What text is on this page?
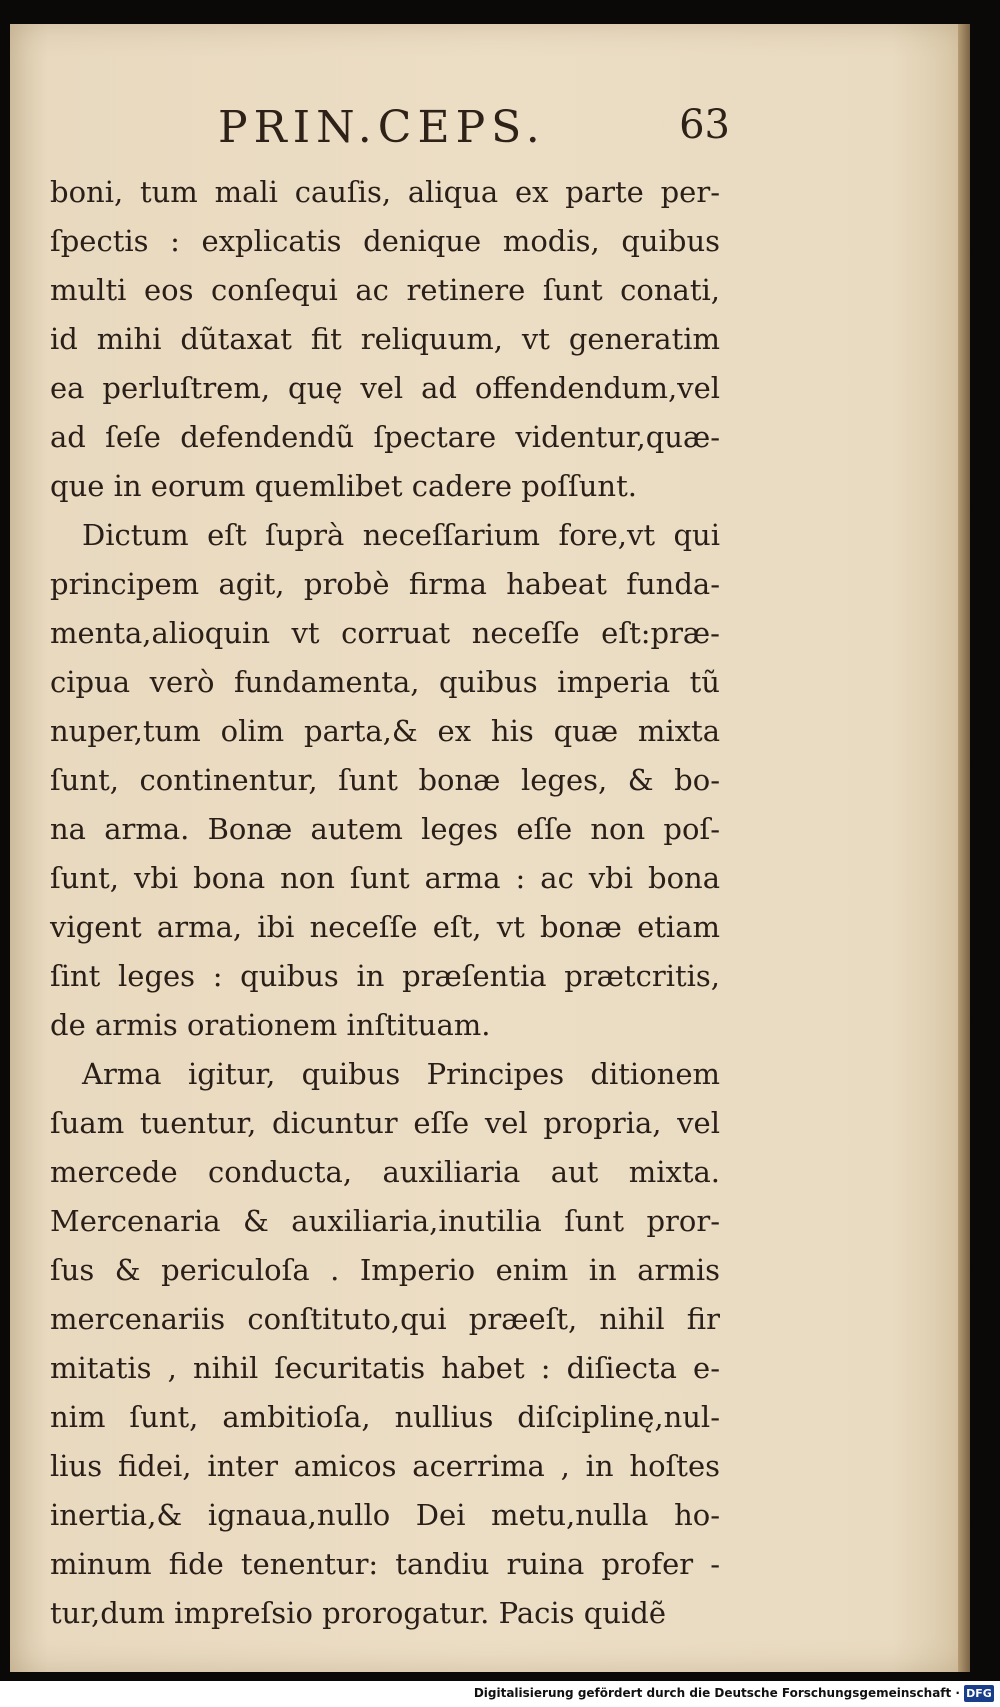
PRIN.CEPS.	63
boni, tum mali cauſis, aliqua ex parte per-
ſpectis : explicatis denique modis, quibus
multi eos conſequi ac retinere ſunt conati,
id mihi dũtaxat fit reliquum, vt generatim
ea perluſtrem, quę vel ad offendendum,vel
ad ſeſe defendendũ ſpectare videntur,quæ-
que in eorum quemlibet cadere poſſunt.
Dictum eſt ſuprà neceſſarium fore,vt qui
principem agit, probè firma habeat funda-
menta,alioquin vt corruat neceſſe eſt:præ-
cipua verò fundamenta, quibus imperia tũ
nuper,tum olim parta,& ex his quæ mixta
ſunt, continentur, ſunt bonæ leges, & bo-
na arma. Bonæ autem leges eſſe non poſ-
ſunt, vbi bona non ſunt arma : ac vbi bona
vigent arma, ibi neceſſe eſt, vt bonæ etiam
ſint leges : quibus in præſentia prætcritis,
de armis orationem inſtituam.
Arma igitur, quibus Principes ditionem
ſuam tuentur, dicuntur eſſe vel propria, vel
mercede conducta, auxiliaria aut mixta.
Mercenaria & auxiliaria,inutilia ſunt pror-
ſus & periculoſa . Imperio enim in armis
mercenariis conſtituto,qui præeſt, nihil fir
mitatis , nihil ſecuritatis habet : diſiecta e-
nim ſunt, ambitioſa, nullius diſciplinę,nul-
lius fidei, inter amicos acerrima , in hoſtes
inertia,& ignaua,nullo Dei metu,nulla ho-
minum fide tenentur: tandiu ruina profer -
tur,dum impreſsio prorogatur. Pacis quidẽ
Digitalisierung gefördert durch die Deutsche Forschungsgemeinschaft · DFG
